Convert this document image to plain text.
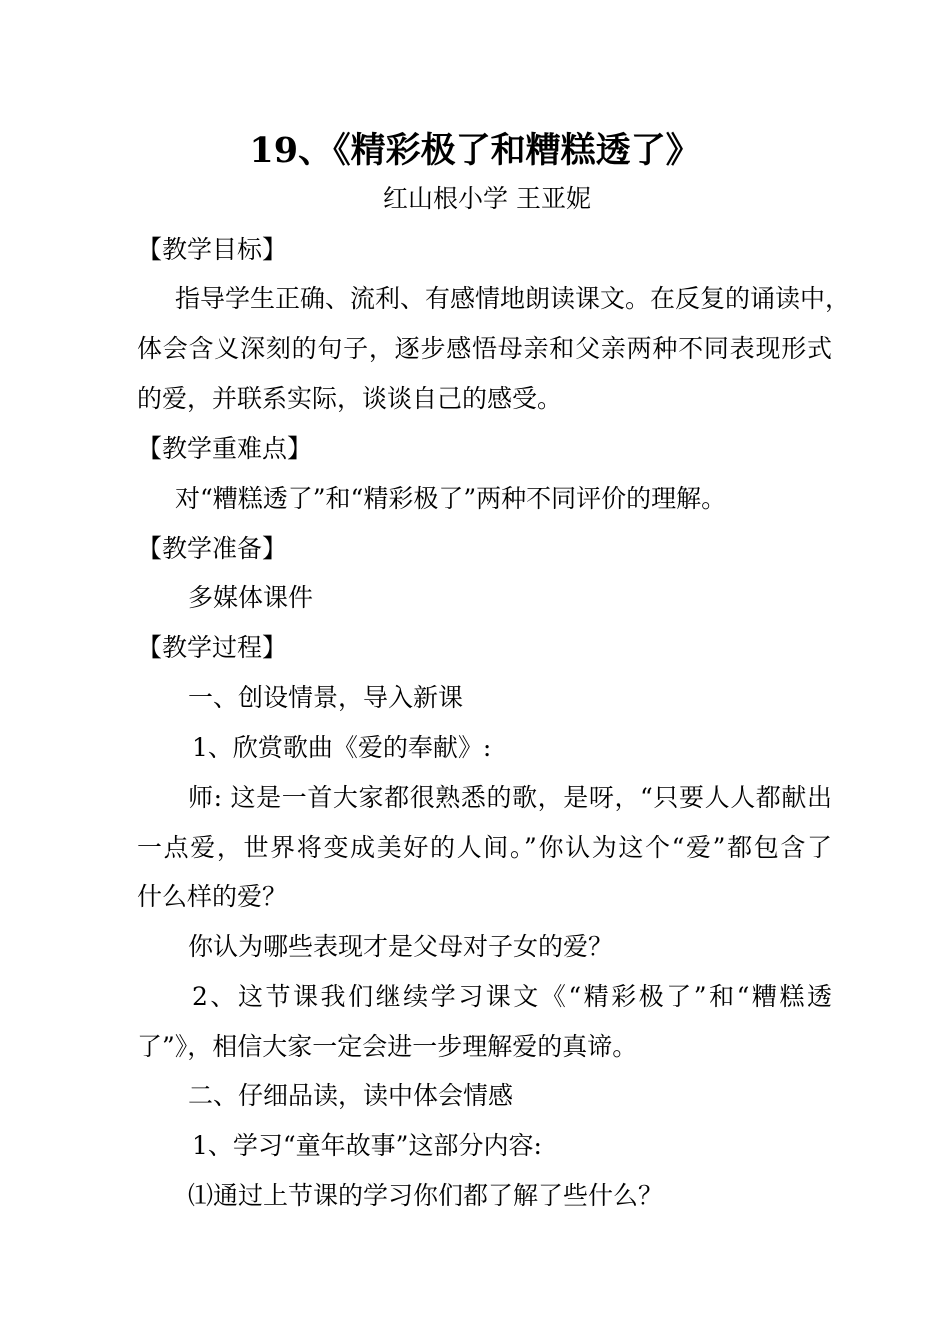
19、《精彩极了和糟糕透了》
红山根小学 王亚妮
【教学目标】
指导学生正确、流利、有感情地朗读课文。在反复的诵读中，
体会含义深刻的句子，逐步感悟母亲和父亲两种不同表现形式
的爱，并联系实际，谈谈自己的感受。
【教学重难点】
对“糟糕透了”和“精彩极了”两种不同评价的理解。
【教学准备】
多媒体课件
【教学过程】
一、创设情景，导入新课
1、欣赏歌曲《爱的奉献》:
师: 这是一首大家都很熟悉的歌，是呀，“只要人人都献出
一点爱，世界将变成美好的人间。”你认为这个“爱”都包含了
什么样的爱？
你认为哪些表现才是父母对子女的爱？
2、这节课我们继续学习课文《“精彩极了”和“糟糕透
了”》，相信大家一定会进一步理解爱的真谛。
二、仔细品读，读中体会情感
1、学习“童年故事”这部分内容:
⑴通过上节课的学习你们都了解了些什么？
